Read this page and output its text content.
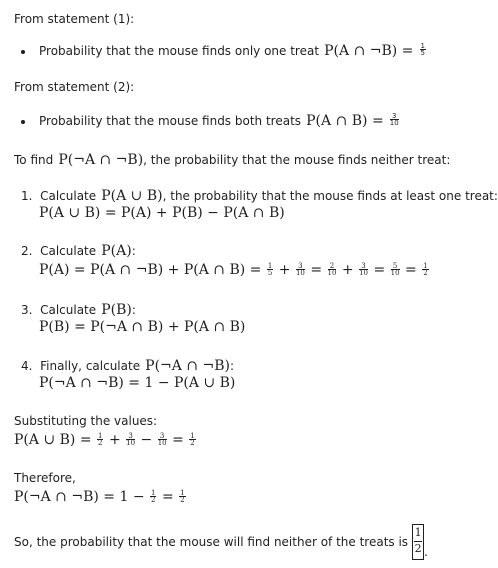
From statement (1):
Probability that the mouse finds only one treat P(A ∩ ¬B) = $\frac{1}{5}$
From statement (2):
Probability that the mouse finds both treats P(A ∩ $B) = \frac{3}{10}$
To find P(¬A ∩ ¬B), the probability that the mouse finds neither treat:
1. Calculate P(A ∪ B), the probability that the mouse finds at least one treat:
P(A ∪ B) = P(A) + P(B) − P(A ∩ B)
2. Calculate P(A):
P(A) = P(A ∩ ¬B) + P(A ∩ $B) = \frac{1}{5} + \frac{3}{10} = \frac{2}{10} + \frac{3}{10} = \frac{5}{10} = \frac{1}{2}$
3. Calculate P(B):
P(B) = P(¬A ∩ B) + P(A ∩ B)
4. Finally, calculate P(¬A ∩ ¬B):
P(¬A ∩ ¬B) = 1 − P(A ∪ B)
Substituting the values:
P(A ∪ $B) = \frac{1}{2} + \frac{3}{10} - \frac{3}{10} = \frac{1}{2}$
Therefore,
P(¬A ∩ ¬B) = $1 - \frac{1}{2} = \frac{1}{2}$
So, the probability that the mouse will find neither of the treats is $\frac{1}{2}$ .
